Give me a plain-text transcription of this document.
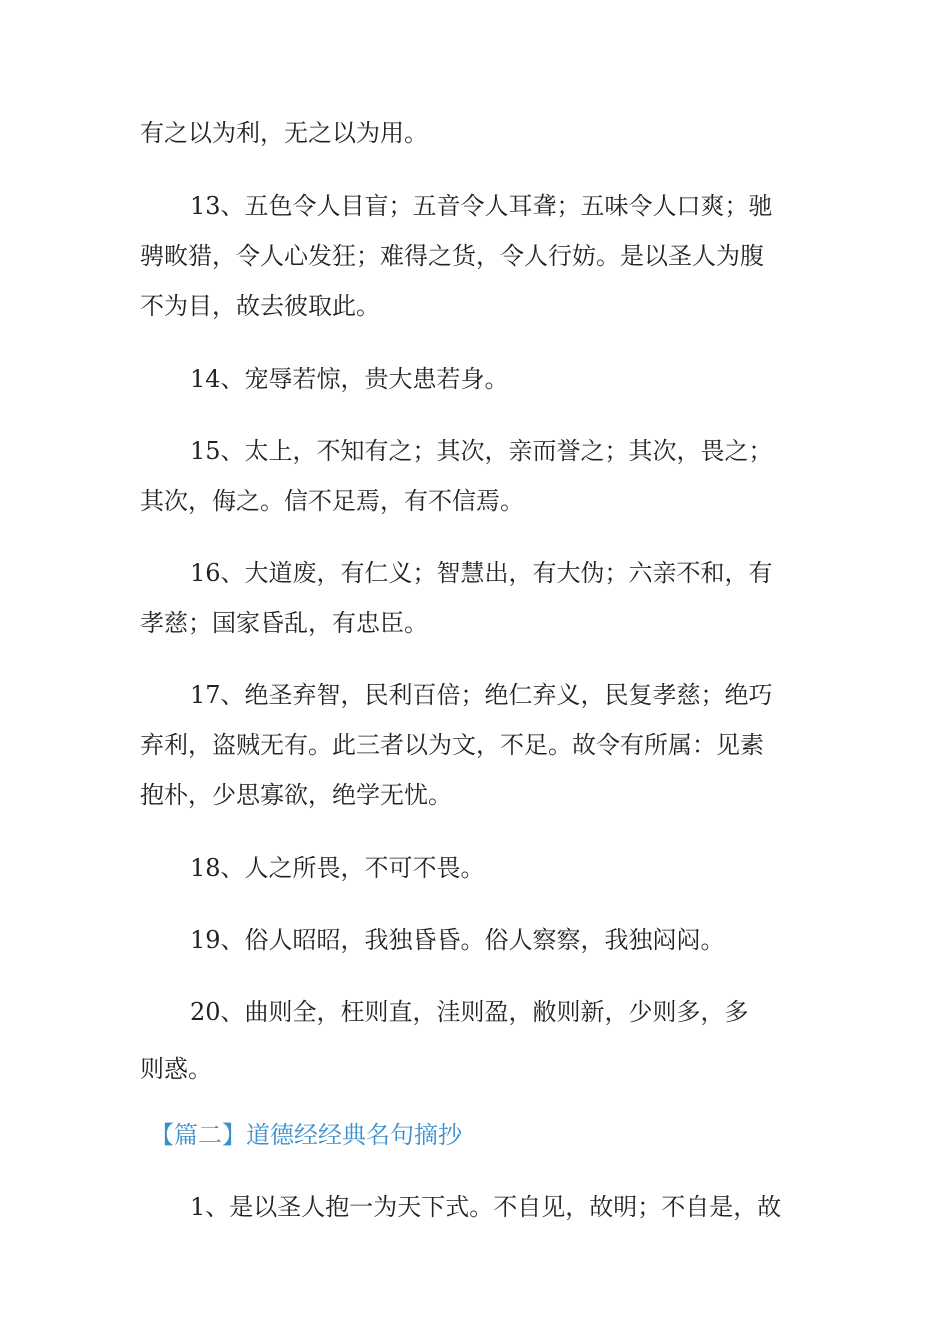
有之以为利，无之以为用。
13、五色令人目盲；五音令人耳聋；五味令人口爽；驰
骋畋猎，令人心发狂；难得之货，令人行妨。是以圣人为腹
不为目，故去彼取此。
14、宠辱若惊，贵大患若身。
15、太上，不知有之；其次，亲而誉之；其次，畏之；
其次，侮之。信不足焉，有不信焉。
16、大道废，有仁义；智慧出，有大伪；六亲不和，有
孝慈；国家昏乱，有忠臣。
17、绝圣弃智，民利百倍；绝仁弃义，民复孝慈；绝巧
弃利，盗贼无有。此三者以为文，不足。故令有所属：见素
抱朴，少思寡欲，绝学无忧。
18、人之所畏，不可不畏。
19、俗人昭昭，我独昏昏。俗人察察，我独闷闷。
20、曲则全，枉则直，洼则盈，敝则新，少则多，多
则惑。
【篇二】道德经经典名句摘抄
1、是以圣人抱一为天下式。不自见，故明；不自是，故
